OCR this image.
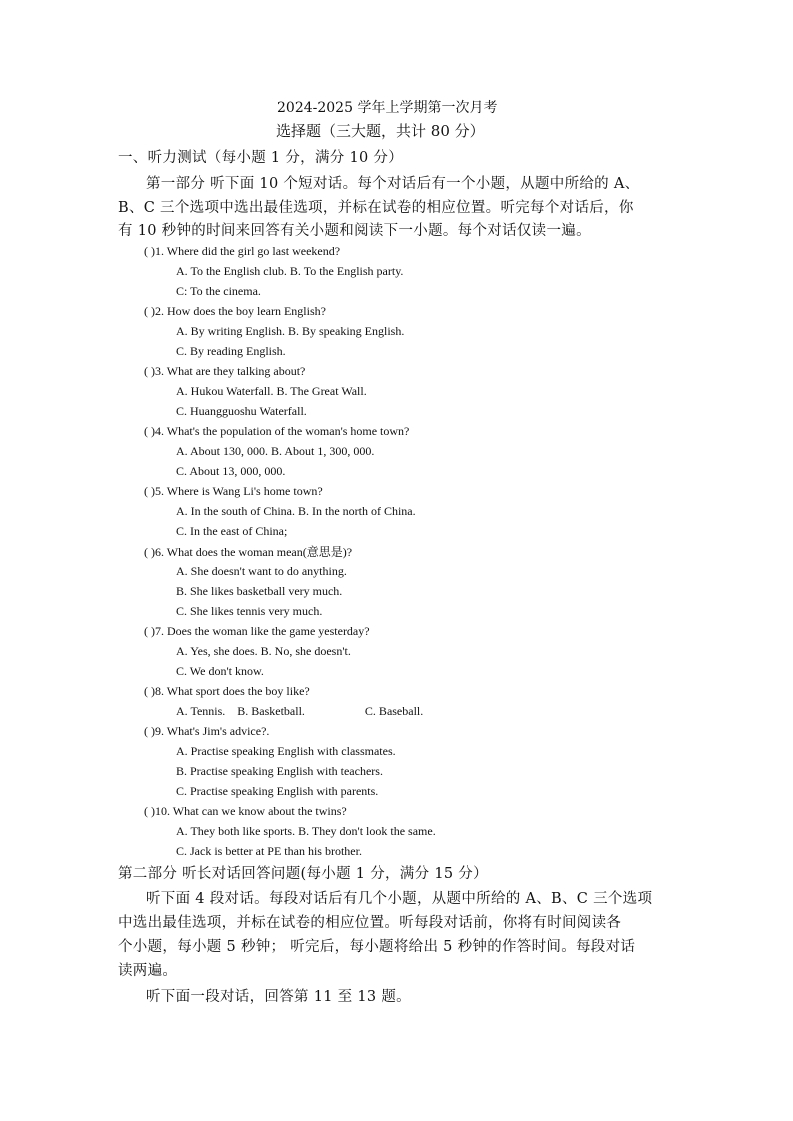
2024-2025 学年上学期第一次月考
选择题（三大题，共计 80 分）
一、听力测试（每小题 1 分，满分 10 分）
第一部分 听下面 10 个短对话。每个对话后有一个小题，从题中所给的 A、
B、C 三个选项中选出最佳选项，并标在试卷的相应位置。听完每个对话后，你
有 10 秒钟的时间来回答有关小题和阅读下一小题。每个对话仅读一遍。
( )1. Where did the girl go last weekend?
A. To the English club. B. To the English party.
C: To the cinema.
( )2. How does the boy learn English?
A. By writing English. B. By speaking English.
C. By reading English.
( )3. What are they talking about?
A. Hukou Waterfall. B. The Great Wall.
C. Huangguoshu Waterfall.
( )4. What's the population of the woman's home town?
A. About 130, 000. B. About 1, 300, 000.
C. About 13, 000, 000.
( )5. Where is Wang Li's home town?
A. In the south of China. B. In the north of China.
C. In the east of China;
( )6. What does the woman mean(意思是)?
A. She doesn't want to do anything.
B. She likes basketball very much.
C. She likes tennis very much.
( )7. Does the woman like the game yesterday?
A. Yes, she does. B. No, she doesn't.
C. We don't know.
( )8. What sport does the boy like?
A. Tennis.    B. Basketball.                    C. Baseball.
( )9. What's Jim's advice?.
A. Practise speaking English with classmates.
B. Practise speaking English with teachers.
C. Practise speaking English with parents.
( )10. What can we know about the twins?
A. They both like sports. B. They don't look the same.
C. Jack is better at PE than his brother.
第二部分 听长对话回答问题(每小题 1 分，满分 15 分）
听下面 4 段对话。每段对话后有几个小题，从题中所给的 A、B、C 三个选项
中选出最佳选项，并标在试卷的相应位置。听每段对话前，你将有时间阅读各
个小题，每小题 5 秒钟； 听完后，每小题将给出 5 秒钟的作答时间。每段对话
读两遍。
听下面一段对话，回答第 11 至 13 题。
